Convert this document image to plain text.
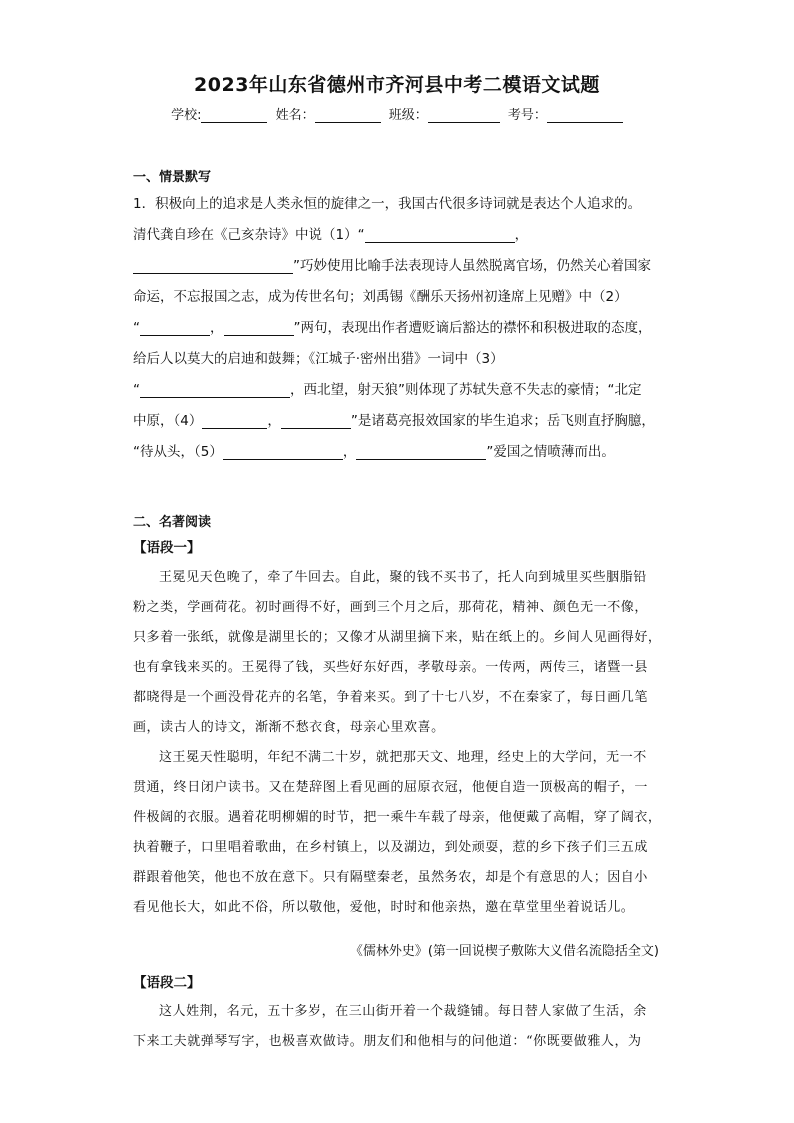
2023年山东省德州市齐河县中考二模语文试题
学校:	姓名：	班级：	考号：
一、情景默写
1．积极向上的追求是人类永恒的旋律之一，我国古代很多诗词就是表达个人追求的。
清代龚自珍在《己亥杂诗》中说（1）“	，
”巧妙使用比喻手法表现诗人虽然脱离官场，仍然关心着国家
命运，不忘报国之志，成为传世名句；刘禹锡《酬乐天扬州初逢席上见赠》中（2）
“	，	”两句，表现出作者遭贬谪后豁达的襟怀和积极进取的态度，
给后人以莫大的启迪和鼓舞；《江城子·密州出猎》一词中（3）
“	，西北望，射天狼”则体现了苏轼失意不失志的豪情；“北定
中原，（4）	，	”是诸葛亮报效国家的毕生追求；岳飞则直抒胸臆，
“待从头，（5）	，	”爱国之情喷薄而出。
二、名著阅读
【语段一】
王冕见天色晚了，牵了牛回去。自此，聚的钱不买书了，托人向到城里买些胭脂铅
粉之类，学画荷花。初时画得不好，画到三个月之后，那荷花，精神、颜色无一不像，
只多着一张纸，就像是湖里长的；又像才从湖里摘下来，贴在纸上的。乡间人见画得好，
也有拿钱来买的。王冕得了钱，买些好东好西，孝敬母亲。一传两，两传三，诸暨一县
都晓得是一个画没骨花卉的名笔，争着来买。到了十七八岁，不在秦家了，每日画几笔
画，读古人的诗文，渐渐不愁衣食，母亲心里欢喜。
这王冕天性聪明，年纪不满二十岁，就把那天文、地理，经史上的大学问，无一不
贯通，终日闭户读书。又在楚辞图上看见画的屈原衣冠，他便自造一顶极高的帽子，一
件极阔的衣服。遇着花明柳媚的时节，把一乘牛车载了母亲，他便戴了高帽，穿了阔衣，
执着鞭子，口里唱着歌曲，在乡村镇上，以及湖边，到处顽耍，惹的乡下孩子们三五成
群跟着他笑，他也不放在意下。只有隔壁秦老，虽然务农，却是个有意思的人；因自小
看见他长大，如此不俗，所以敬他，爱他，时时和他亲热，邀在草堂里坐着说话儿。
《儒林外史》(第一回说楔子敷陈大义借名流隐括全文)
【语段二】
这人姓荆，名元，五十多岁，在三山街开着一个裁缝铺。每日替人家做了生活，余
下来工夫就弹琴写字，也极喜欢做诗。朋友们和他相与的问他道：“你既要做雅人，为
